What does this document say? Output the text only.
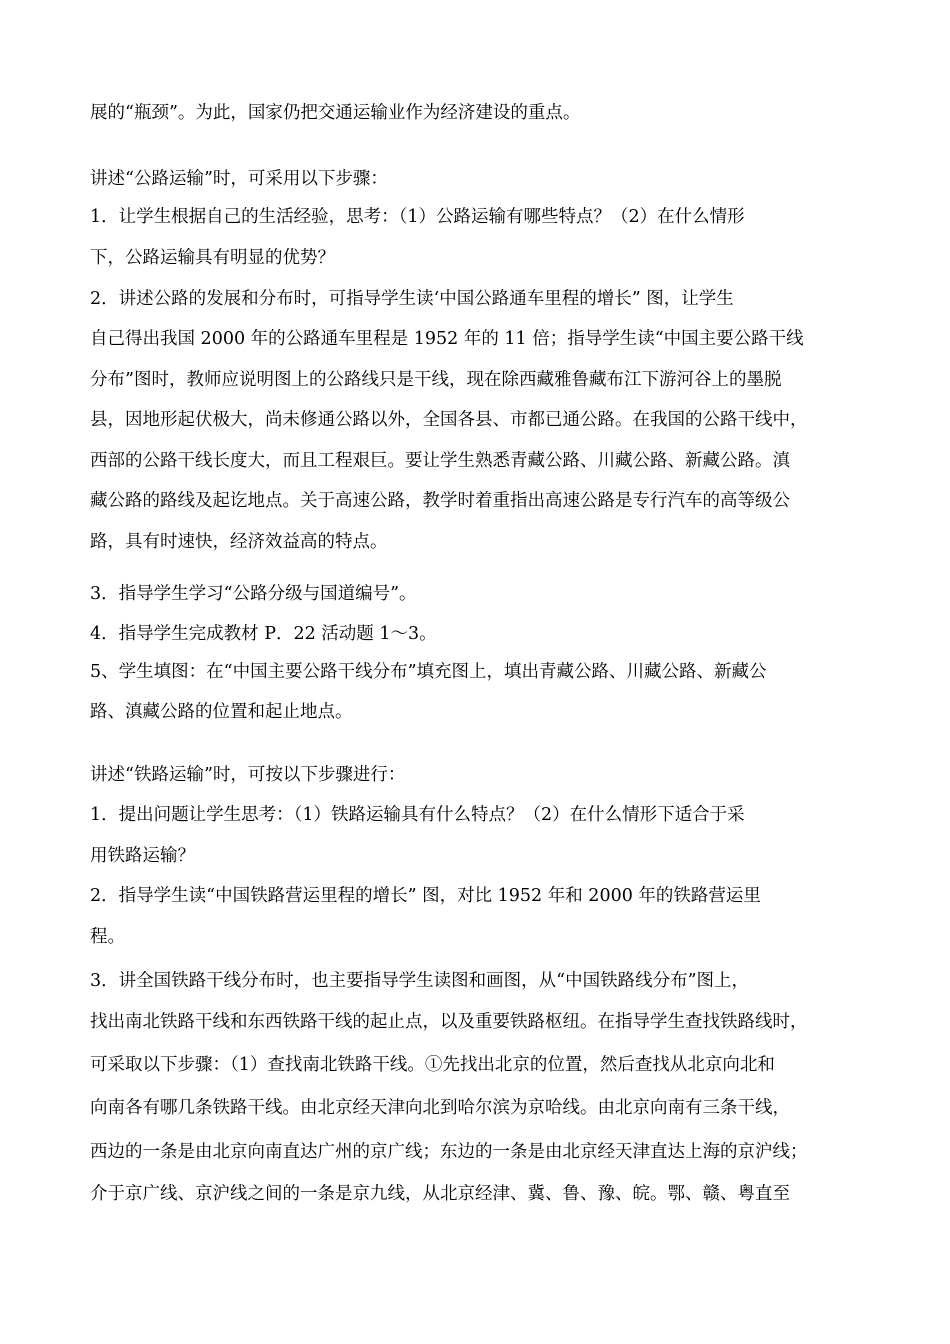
展的“瓶颈”。为此，国家仍把交通运输业作为经济建设的重点。
讲述“公路运输”时，可采用以下步骤：
1．让学生根据自己的生活经验，思考：（1）公路运输有哪些特点？（2）在什么情形
下，公路运输具有明显的优势？
2．讲述公路的发展和分布时，可指导学生读‘中国公路通车里程的增长” 图，让学生
自己得出我国 2000 年的公路通车里程是 1952 年的 11 倍；指导学生读“中国主要公路干线
分布”图时，教师应说明图上的公路线只是干线，现在除西藏雅鲁藏布江下游河谷上的墨脱
县，因地形起伏极大，尚未修通公路以外，全国各县、市都已通公路。在我国的公路干线中，
西部的公路干线长度大，而且工程艰巨。要让学生熟悉青藏公路、川藏公路、新藏公路。滇
藏公路的路线及起讫地点。关于高速公路，教学时着重指出高速公路是专行汽车的高等级公
路，具有时速快，经济效益高的特点。
3．指导学生学习“公路分级与国道编号”。
4．指导学生完成教材 P．22 活动题 1～3。
5、学生填图：在“中国主要公路干线分布”填充图上，填出青藏公路、川藏公路、新藏公
路、滇藏公路的位置和起止地点。
讲述“铁路运输”时，可按以下步骤进行：
1．提出问题让学生思考：（1）铁路运输具有什么特点？（2）在什么情形下适合于采
用铁路运输？
2．指导学生读“中国铁路营运里程的增长” 图，对比 1952 年和 2000 年的铁路营运里
程。
3．讲全国铁路干线分布时，也主要指导学生读图和画图，从“中国铁路线分布”图上，
找出南北铁路干线和东西铁路干线的起止点，以及重要铁路枢纽。在指导学生查找铁路线时，
可采取以下步骤：（1）查找南北铁路干线。①先找出北京的位置，然后查找从北京向北和
向南各有哪几条铁路干线。由北京经天津向北到哈尔滨为京哈线。由北京向南有三条干线，
西边的一条是由北京向南直达广州的京广线；东边的一条是由北京经天津直达上海的京沪线；
介于京广线、京沪线之间的一条是京九线，从北京经津、冀、鲁、豫、皖。鄂、赣、粤直至
